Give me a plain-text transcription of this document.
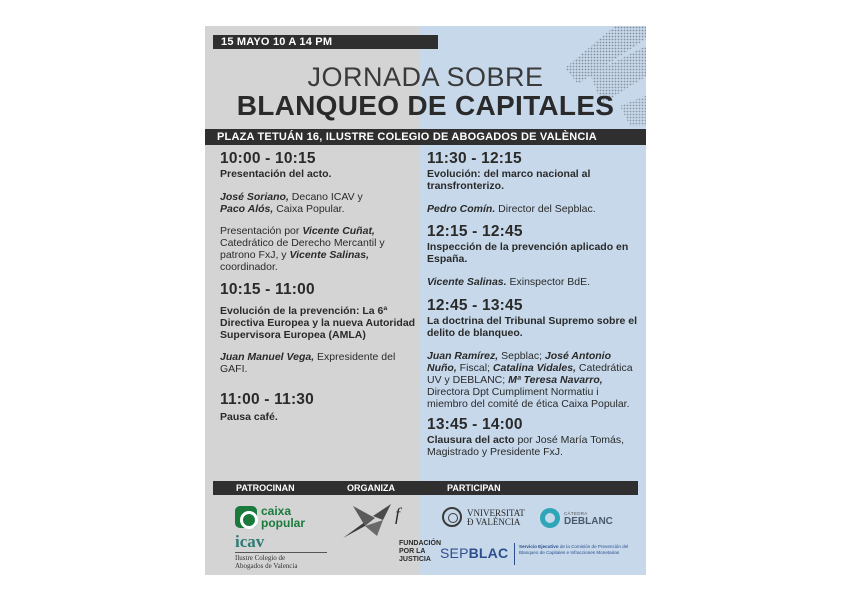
15 MAYO 10 A 14 PM
JORNADA SOBRE
BLANQUEO DE CAPITALES
PLAZA TETUÁN 16, ILUSTRE COLEGIO DE ABOGADOS DE VALÈNCIA
10:00 - 10:15
Presentación del acto.
José Soriano, Decano ICAV y
Paco Alós, Caixa Popular.
Presentación por Vicente Cuñat, Catedrático de Derecho Mercantil y patrono FxJ, y Vicente Salinas, coordinador.
10:15 - 11:00
Evolución de la prevención: La 6ª Directiva Europea y la nueva Autoridad Supervisora Europea (AMLA)
Juan Manuel Vega, Expresidente del GAFI.
11:00 - 11:30
Pausa café.
11:30 - 12:15
Evolución: del marco nacional al transfronterizo.
Pedro Comín. Director del Sepblac.
12:15 - 12:45
Inspección de la prevención aplicado en España.
Vicente Salinas. Exinspector BdE.
12:45 - 13:45
La doctrina del Tribunal Supremo sobre el delito de blanqueo.
Juan Ramírez, Sepblac; José Antonio Nuño, Fiscal; Catalina Vidales, Catedrática UV y DEBLANC; Mª Teresa Navarro, Directora Dpt Cumpliment Normatiu i miembro del comité de ética Caixa Popular.
13:45 - 14:00
Clausura del acto por José María Tomás, Magistrado y Presidente FxJ.
PATROCINAN	ORGANIZA	PARTICIPAN
caixa
popular
icav
Ilustre Colegio de
Abogados de Valencia
f
FUNDACIÓN
POR LA
JUSTICIA
VNIVERSITAT
Ð VALÈNCIA
CÁTEDRA
DEBLANC
SEPBLAC Servicio Ejecutivo de la Comisión de Prevención del Blanqueo de Capitales e Infracciones Monetarias
